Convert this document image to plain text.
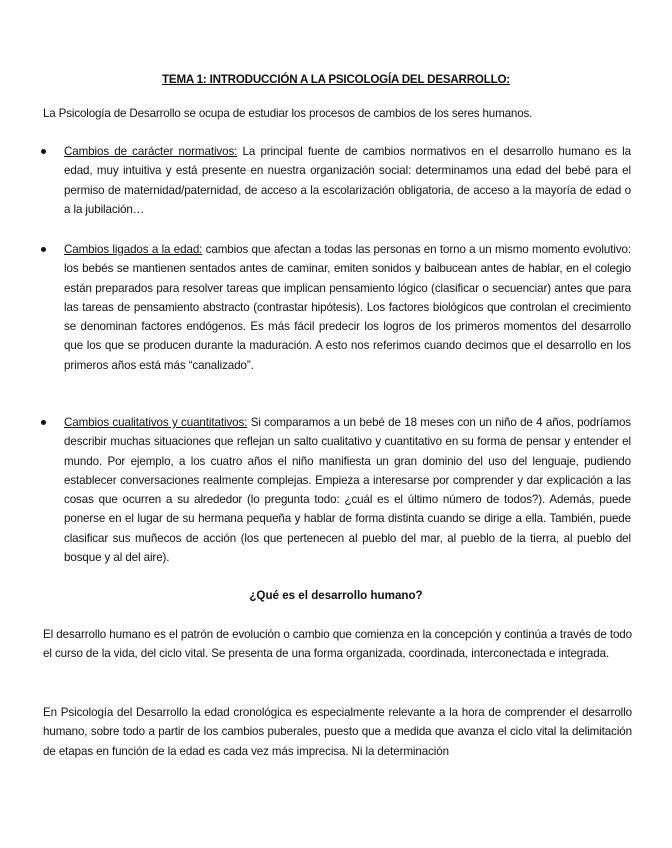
TEMA 1: INTRODUCCIÓN A LA PSICOLOGÍA DEL DESARROLLO:
La Psicología de Desarrollo se ocupa de estudiar los procesos de cambios de los seres humanos.
Cambios de carácter normativos: La principal fuente de cambios normativos en el desarrollo humano es la edad, muy intuitiva y está presente en nuestra organización social: determinamos una edad del bebé para el permiso de maternidad/paternidad, de acceso a la escolarización obligatoria, de acceso a la mayoría de edad o a la jubilación…
Cambios ligados a la edad: cambios que afectan a todas las personas en torno a un mismo momento evolutivo: los bebés se mantienen sentados antes de caminar, emiten sonidos y balbucean antes de hablar, en el colegio están preparados para resolver tareas que implican pensamiento lógico (clasificar o secuenciar) antes que para las tareas de pensamiento abstracto (contrastar hipótesis). Los factores biológicos que controlan el crecimiento se denominan factores endógenos. Es más fácil predecir los logros de los primeros momentos del desarrollo que los que se producen durante la maduración. A esto nos referimos cuando decimos que el desarrollo en los primeros años está más “canalizado”.
Cambios cualitativos y cuantitativos: Si comparamos a un bebé de 18 meses con un niño de 4 años, podríamos describir muchas situaciones que reflejan un salto cualitativo y cuantitativo en su forma de pensar y entender el mundo. Por ejemplo, a los cuatro años el niño manifiesta un gran dominio del uso del lenguaje, pudiendo establecer conversaciones realmente complejas. Empieza a interesarse por comprender y dar explicación a las cosas que ocurren a su alrededor (lo pregunta todo: ¿cuál es el último número de todos?). Además, puede ponerse en el lugar de su hermana pequeña y hablar de forma distinta cuando se dirige a ella. También, puede clasificar sus muñecos de acción (los que pertenecen al pueblo del mar, al pueblo de la tierra, al pueblo del bosque y al del aire).
¿Qué es el desarrollo humano?
El desarrollo humano es el patrón de evolución o cambio que comienza en la concepción y continúa a través de todo el curso de la vida, del ciclo vital. Se presenta de una forma organizada, coordinada, interconectada e integrada.
En Psicología del Desarrollo la edad cronológica es especialmente relevante a la hora de comprender el desarrollo humano, sobre todo a partir de los cambios puberales, puesto que a medida que avanza el ciclo vital la delimitación de etapas en función de la edad es cada vez más imprecisa. Ni la determinación
